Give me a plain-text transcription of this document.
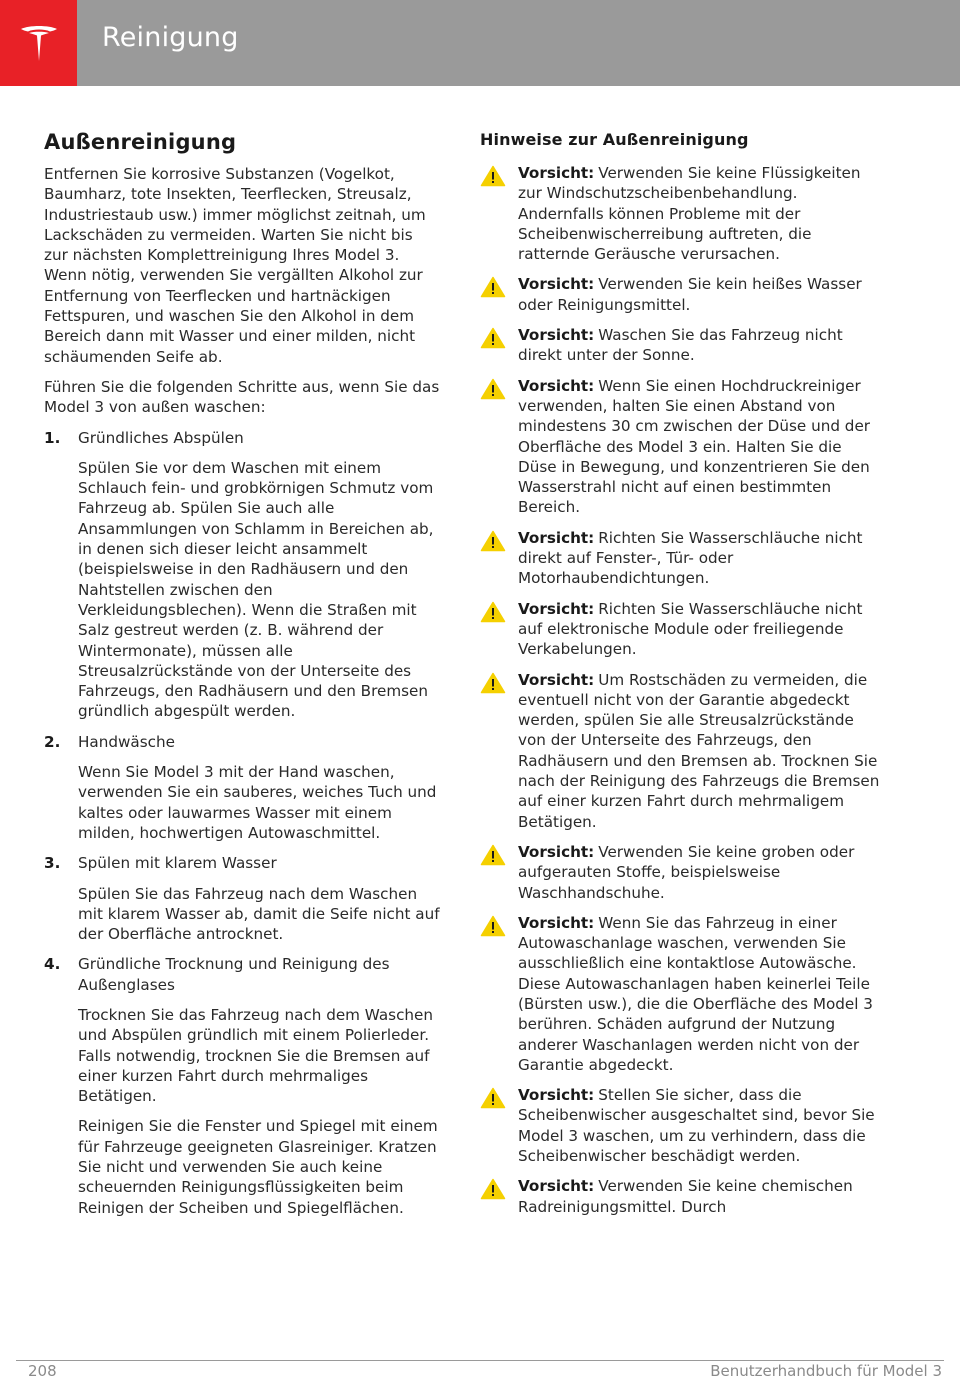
Reinigung
Außenreinigung

Entfernen Sie korrosive Substanzen (Vogelkot, Baumharz, tote Insekten, Teerflecken, Streusalz, Industriestaub usw.) immer möglichst zeitnah, um Lackschäden zu vermeiden. Warten Sie nicht bis zur nächsten Komplettreinigung Ihres Model 3. Wenn nötig, verwenden Sie vergällten Alkohol zur Entfernung von Teerflecken und hartnäckigen Fettspuren, und waschen Sie den Alkohol in dem Bereich dann mit Wasser und einer milden, nicht schäumenden Seife ab.

Führen Sie die folgenden Schritte aus, wenn Sie das Model 3 von außen waschen:

1. Gründliches Abspülen

Spülen Sie vor dem Waschen mit einem Schlauch fein- und grobkörnigen Schmutz vom Fahrzeug ab. Spülen Sie auch alle Ansammlungen von Schlamm in Bereichen ab, in denen sich dieser leicht ansammelt (beispielsweise in den Radhäusern und den Nahtstellen zwischen den Verkleidungsblechen). Wenn die Straßen mit Salz gestreut werden (z. B. während der Wintermonate), müssen alle Streusalzrückstände von der Unterseite des Fahrzeugs, den Radhäusern und den Bremsen gründlich abgespült werden.

2. Handwäsche

Wenn Sie Model 3 mit der Hand waschen, verwenden Sie ein sauberes, weiches Tuch und kaltes oder lauwarmes Wasser mit einem milden, hochwertigen Autowaschmittel.

3. Spülen mit klarem Wasser

Spülen Sie das Fahrzeug nach dem Waschen mit klarem Wasser ab, damit die Seife nicht auf der Oberfläche antrocknet.

4. Gründliche Trocknung und Reinigung des Außenglases

Trocknen Sie das Fahrzeug nach dem Waschen und Abspülen gründlich mit einem Polierleder. Falls notwendig, trocknen Sie die Bremsen auf einer kurzen Fahrt durch mehrmaliges Betätigen.

Reinigen Sie die Fenster und Spiegel mit einem für Fahrzeuge geeigneten Glasreiniger. Kratzen Sie nicht und verwenden Sie auch keine scheuernden Reinigungsflüssigkeiten beim Reinigen der Scheiben und Spiegelflächen.

Hinweise zur Außenreinigung
Vorsicht: Verwenden Sie keine Flüssigkeiten zur Windschutzscheibenbehandlung. Andernfalls können Probleme mit der Scheibenwischerreibung auftreten, die ratternde Geräusche verursachen.
Vorsicht: Verwenden Sie kein heißes Wasser oder Reinigungsmittel.
Vorsicht: Waschen Sie das Fahrzeug nicht direkt unter der Sonne.
Vorsicht: Wenn Sie einen Hochdruckreiniger verwenden, halten Sie einen Abstand von mindestens 30 cm zwischen der Düse und der Oberfläche des Model 3 ein. Halten Sie die Düse in Bewegung, und konzentrieren Sie den Wasserstrahl nicht auf einen bestimmten Bereich.
Vorsicht: Richten Sie Wasserschläuche nicht direkt auf Fenster-, Tür- oder Motorhaubendichtungen.
Vorsicht: Richten Sie Wasserschläuche nicht auf elektronische Module oder freiliegende Verkabelungen.
Vorsicht: Um Rostschäden zu vermeiden, die eventuell nicht von der Garantie abgedeckt werden, spülen Sie alle Streusalzrückstände von der Unterseite des Fahrzeugs, den Radhäusern und den Bremsen ab. Trocknen Sie nach der Reinigung des Fahrzeugs die Bremsen auf einer kurzen Fahrt durch mehrmaligem Betätigen.
Vorsicht: Verwenden Sie keine groben oder aufgerauten Stoffe, beispielsweise Waschhandschuhe.
Vorsicht: Wenn Sie das Fahrzeug in einer Autowaschanlage waschen, verwenden Sie ausschließlich eine kontaktlose Autowäsche. Diese Autowaschanlagen haben keinerlei Teile (Bürsten usw.), die die Oberfläche des Model 3 berühren. Schäden aufgrund der Nutzung anderer Waschanlagen werden nicht von der Garantie abgedeckt.
Vorsicht: Stellen Sie sicher, dass die Scheibenwischer ausgeschaltet sind, bevor Sie Model 3 waschen, um zu verhindern, dass die Scheibenwischer beschädigt werden.
Vorsicht: Verwenden Sie keine chemischen Radreinigungsmittel. Durch
208	Benutzerhandbuch für Model 3
